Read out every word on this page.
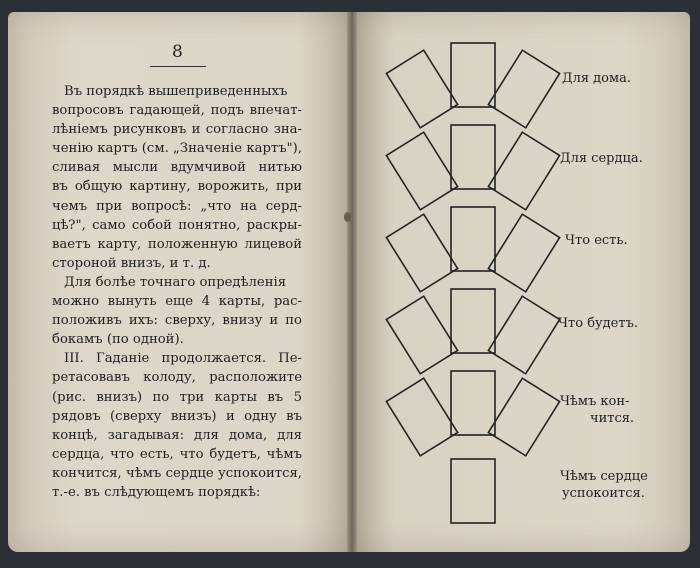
8
Въ порядкѣ вышеприведенныхъ
вопросовъ гадающей, подъ впечат-
лѣнiемъ рисунковъ и согласно зна-
ченiю картъ (см. „Значенiе картъ"),
сливая мысли вдумчивой нитью
въ общую картину, ворожить, при
чемъ при вопросѣ: „что на серд-
цѣ?", само собой понятно, раскры-
вaетъ карту, положенную лицевой
стороной внизъ, и т. д.
Для болѣе точнаго опредѣленiя
можно вынуть еще 4 карты, рас-
положивъ ихъ: сверху, внизу и по
бокамъ (по одной).
III. Гаданiе продолжается. Пе-
ретасовавъ колоду, расположите
(рис. внизъ) по три карты въ 5
рядовъ (сверху внизъ) и одну въ
концѣ, загадывая: для дома, для
сердца, что есть, что будетъ, чѣмъ
кончится, чѣмъ сердце успокоится,
т.-е. въ слѣдующемъ порядкѣ:
Для дома.
Для сердца.
Что есть.
Что будетъ.
Чѣмъ кон-
чится.
Чѣмъ сердце
успокоится.
